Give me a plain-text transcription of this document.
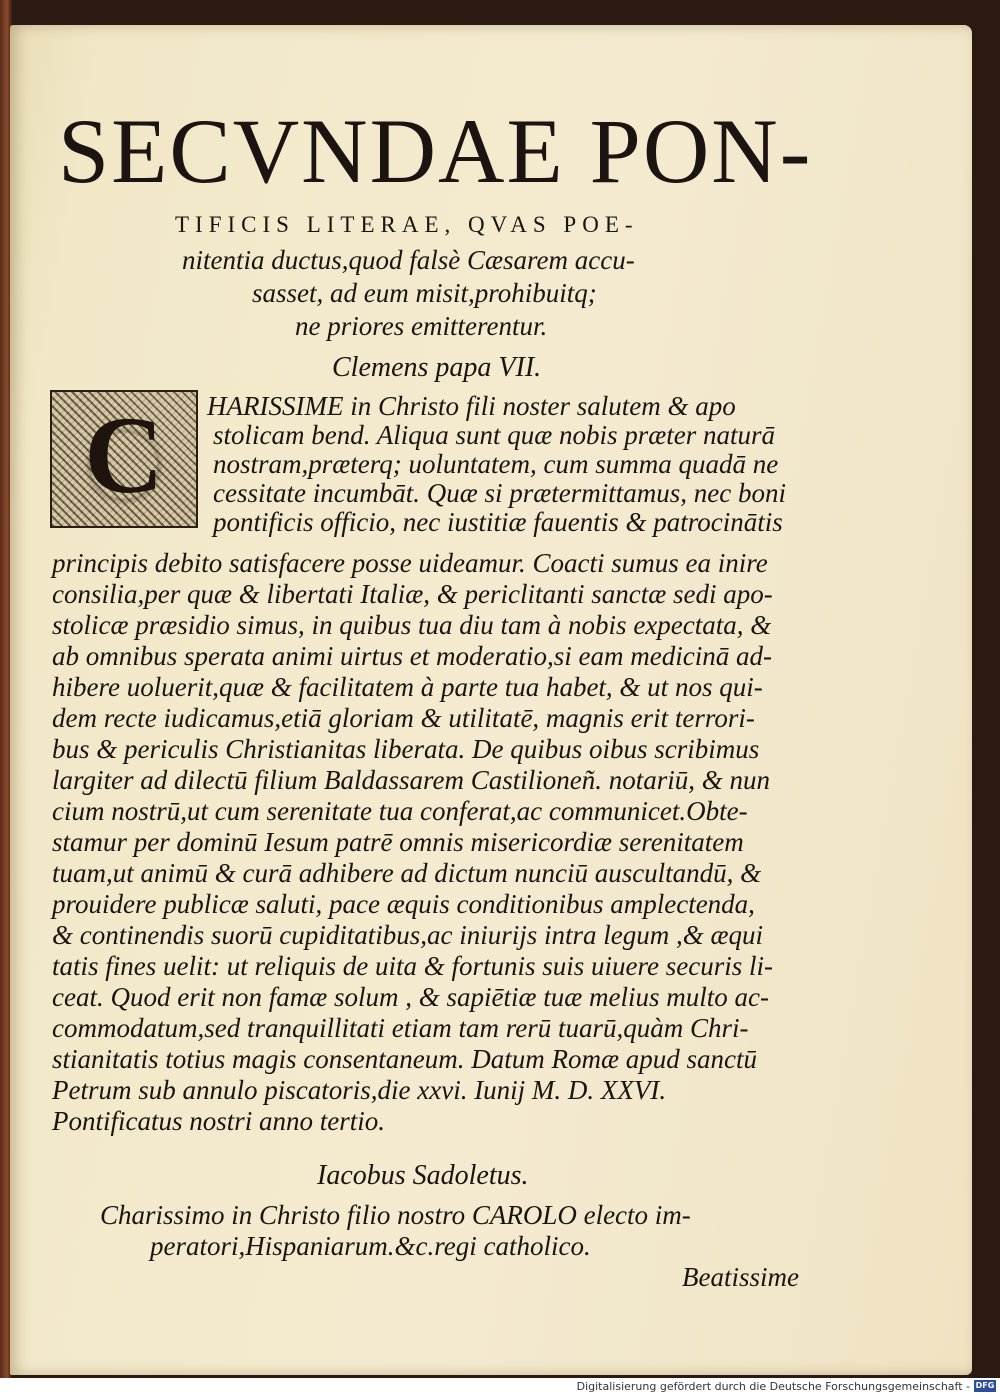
SECVNDAE PON-
TIFICIS LITERAE, QVAS POE-
nitentia ductus,quod falsè Cæsarem accu-
sasset, ad eum misit,prohibuitq;
ne priores emitterentur.
Clemens papa VII.
C	HARISSIME in Christo fili noster salutem & apo
stolicam bend. Aliqua sunt quæ nobis præter naturā
nostram,præterq; uoluntatem, cum summa quadā ne
cessitate incumbāt. Quæ si prætermittamus, nec boni
pontificis officio, nec iustitiæ fauentis & patrocinātis
principis debito satisfacere posse uideamur. Coacti sumus ea inire
consilia,per quæ & libertati Italiæ, & periclitanti sanctæ sedi apo-
stolicæ præsidio simus, in quibus tua diu tam à nobis expectata, &
ab omnibus sperata animi uirtus et moderatio,si eam medicinā ad-
hibere uoluerit,quæ & facilitatem à parte tua habet, & ut nos qui-
dem recte iudicamus,etiā gloriam & utilitatē, magnis erit terrori-
bus & periculis Christianitas liberata. De quibus oibus scribimus
largiter ad dilectū filium Baldassarem Castilioneñ. notariū, & nun
cium nostrū,ut cum serenitate tua conferat,ac communicet.Obte-
stamur per dominū Iesum patrē omnis misericordiæ serenitatem
tuam,ut animū & curā adhibere ad dictum nunciū auscultandū, &
prouidere publicæ saluti, pace æquis conditionibus amplectenda,
& continendis suorū cupiditatibus,ac iniurijs intra legum ,& æqui
tatis fines uelit: ut reliquis de uita & fortunis suis uiuere securis li-
ceat. Quod erit non famæ solum , & sapiētiæ tuæ melius multo ac-
commodatum,sed tranquillitati etiam tam rerū tuarū,quàm Chri-
stianitatis totius magis consentaneum. Datum Romæ apud sanctū
Petrum sub annulo piscatoris,die xxvi. Iunij M. D. XXVI.
Pontificatus nostri anno tertio.
Iacobus Sadoletus.
Charissimo in Christo filio nostro CAROLO electo im-
peratori,Hispaniarum.&c.regi catholico.
Beatissime
Digitalisierung gefördert durch die Deutsche Forschungsgemeinschaft - DFG
